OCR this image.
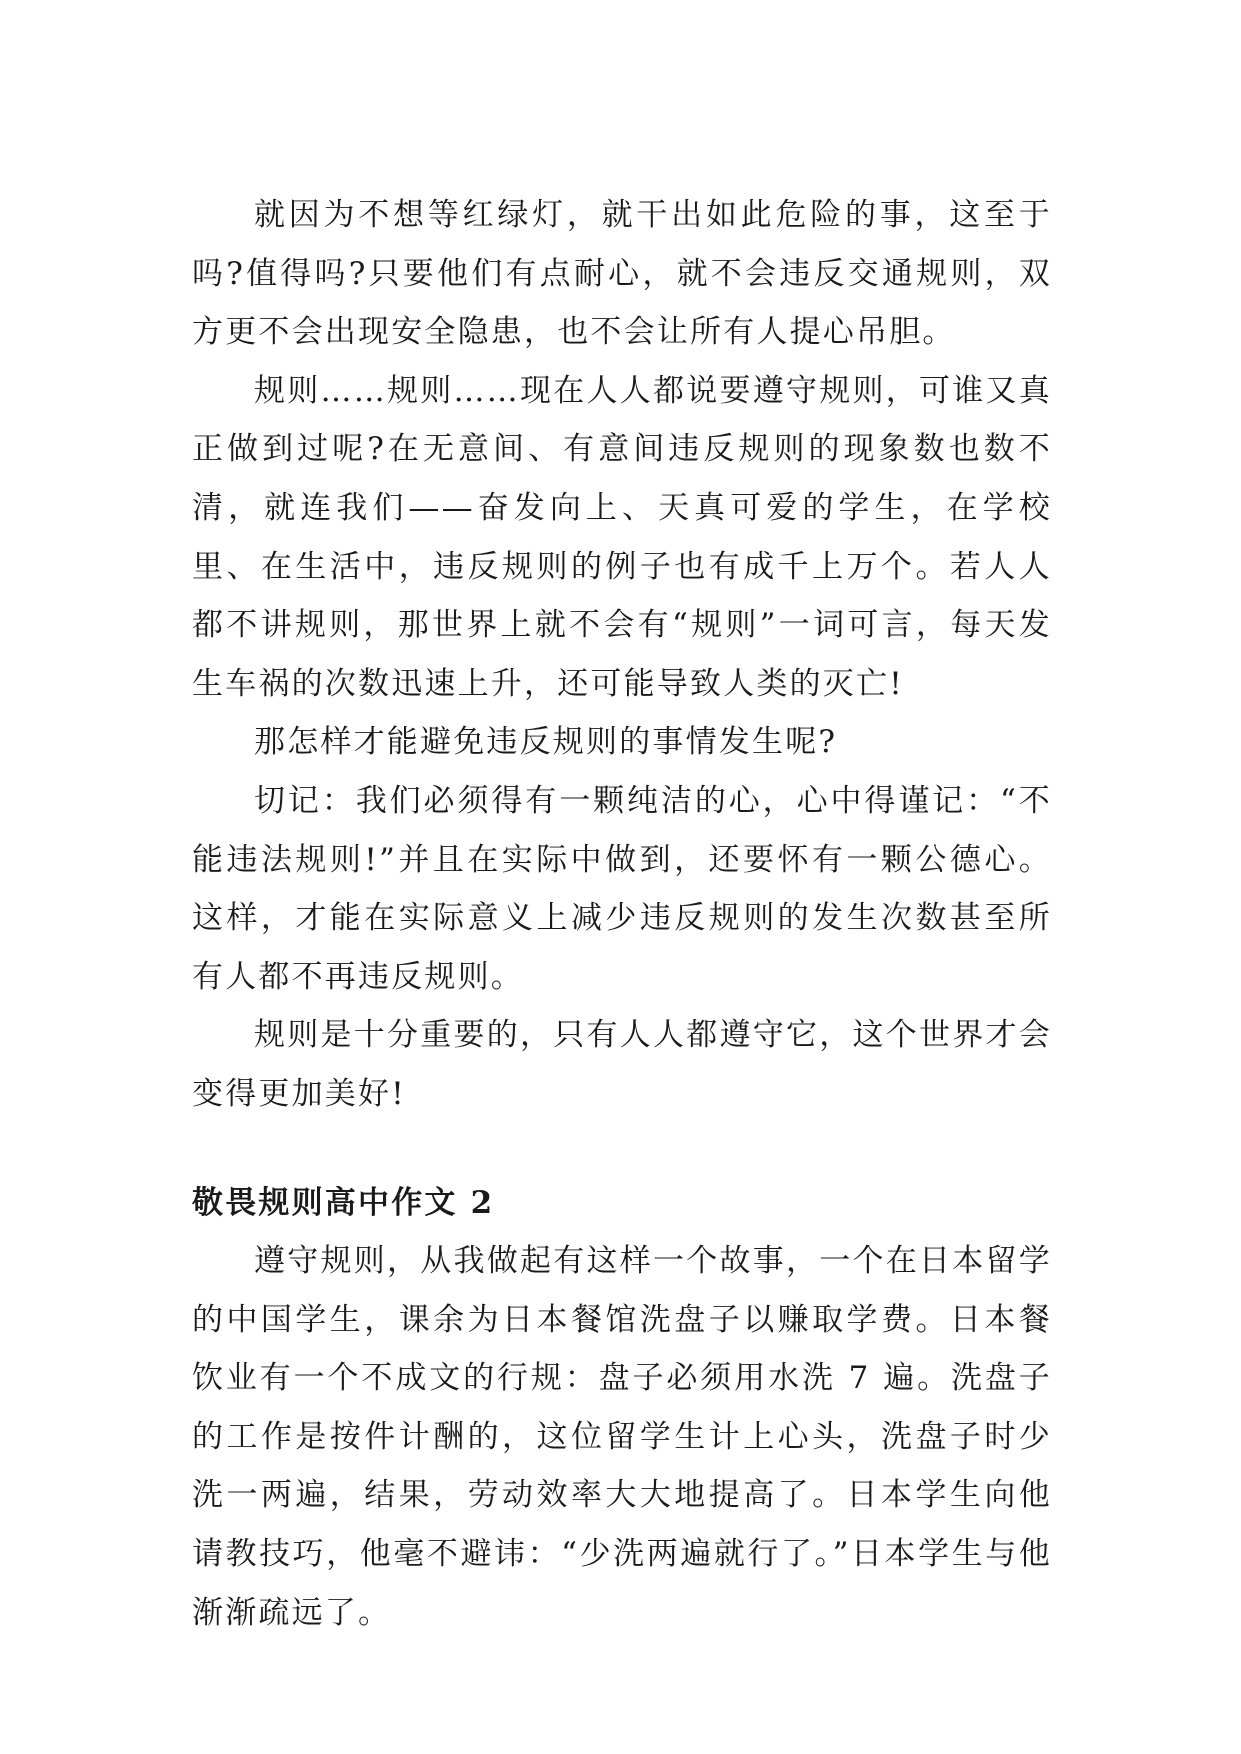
就因为不想等红绿灯，就干出如此危险的事，这至于吗?值得吗?只要他们有点耐心，就不会违反交通规则，双方更不会出现安全隐患，也不会让所有人提心吊胆。

规则……规则……现在人人都说要遵守规则，可谁又真正做到过呢?在无意间、有意间违反规则的现象数也数不清，就连我们——奋发向上、天真可爱的学生，在学校里、在生活中，违反规则的例子也有成千上万个。若人人都不讲规则，那世界上就不会有“规则”一词可言，每天发生车祸的次数迅速上升，还可能导致人类的灭亡!

那怎样才能避免违反规则的事情发生呢?

切记：我们必须得有一颗纯洁的心，心中得谨记：“不能违法规则!”并且在实际中做到，还要怀有一颗公德心。这样，才能在实际意义上减少违反规则的发生次数甚至所有人都不再违反规则。

规则是十分重要的，只有人人都遵守它，这个世界才会变得更加美好!

敬畏规则高中作文 2

遵守规则，从我做起有这样一个故事，一个在日本留学的中国学生，课余为日本餐馆洗盘子以赚取学费。日本餐饮业有一个不成文的行规：盘子必须用水洗 7 遍。洗盘子的工作是按件计酬的，这位留学生计上心头，洗盘子时少洗一两遍，结果，劳动效率大大地提高了。日本学生向他请教技巧，他毫不避讳：“少洗两遍就行了。”日本学生与他渐渐疏远了。
